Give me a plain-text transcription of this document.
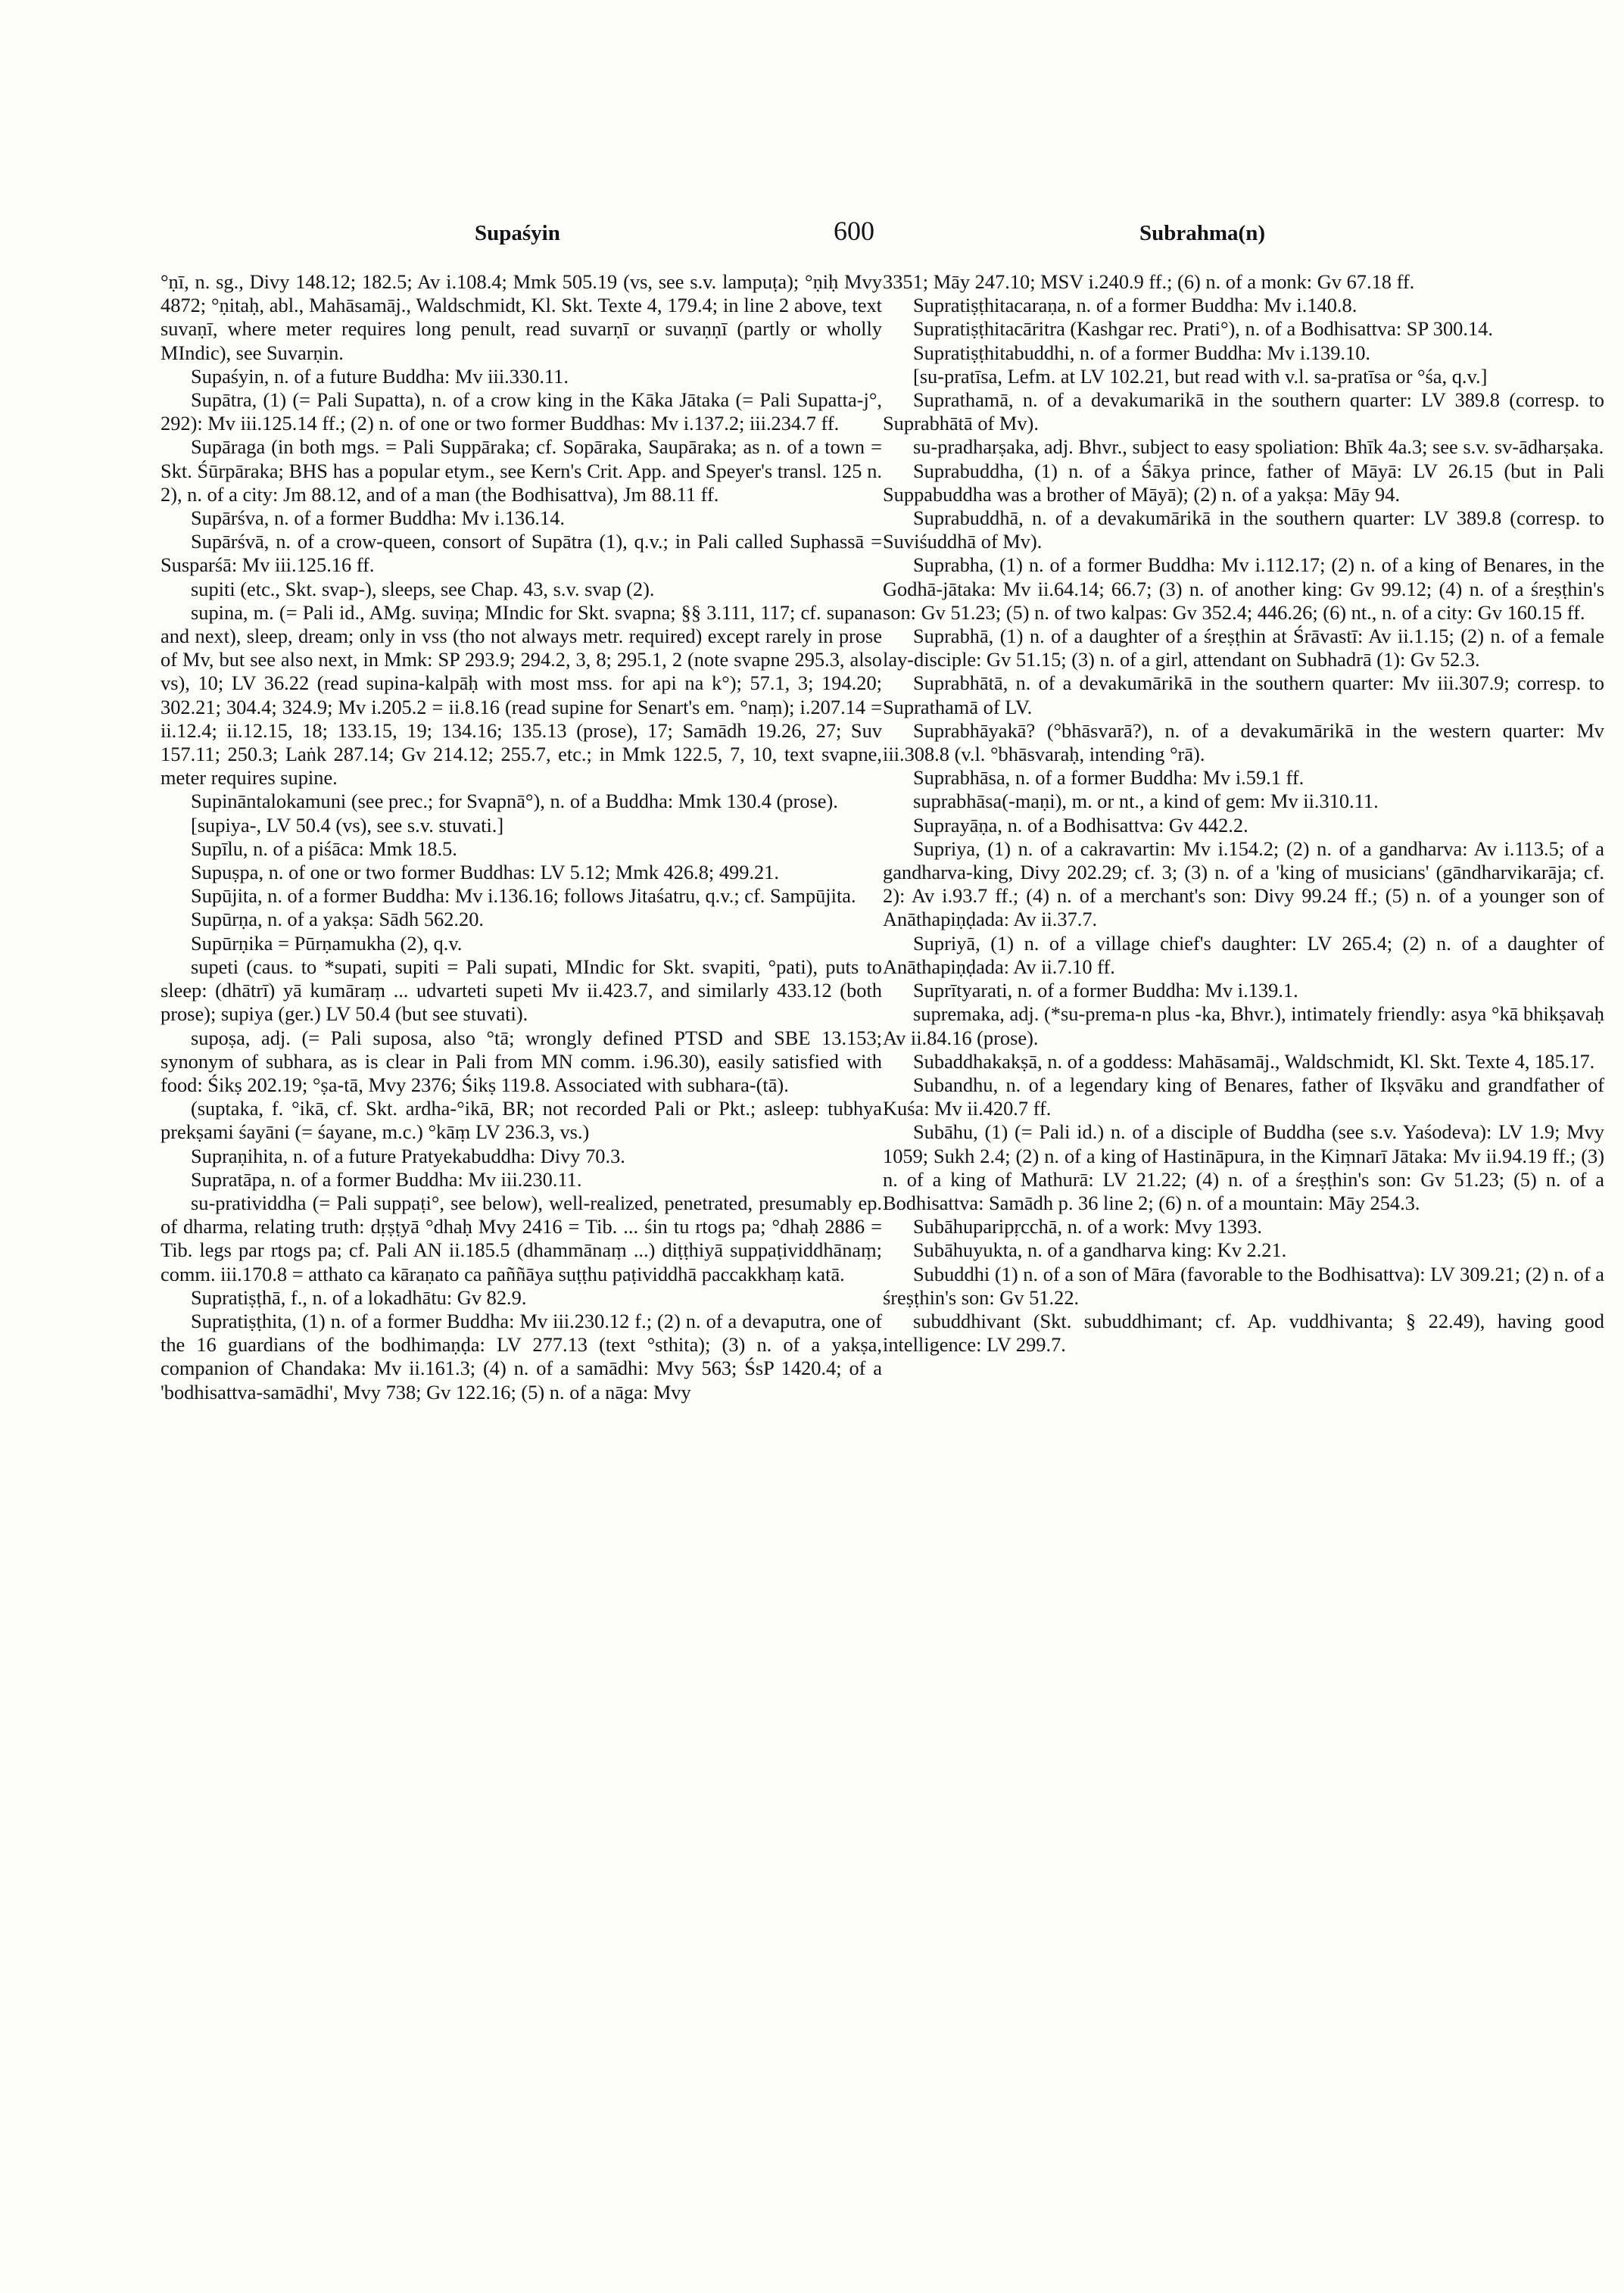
Supaśyin	600	Subrahma(n)

°ṇī, n. sg., Divy 148.12; 182.5; Av i.108.4; Mmk 505.19 (vs, see s.v. lampuṭa); °ṇiḥ Mvy 4872; °ṇitaḥ, abl., Mahāsamāj., Waldschmidt, Kl. Skt. Texte 4, 179.4; in line 2 above, text suvaṇī, where meter requires long penult, read suvarṇī or suvaṇṇī (partly or wholly MIndic), see Suvarṇin.

Supaśyin, n. of a future Buddha: Mv iii.330.11.

Supātra, (1) (= Pali Supatta), n. of a crow king in the Kāka Jātaka (= Pali Supatta-j°, 292): Mv iii.125.14 ff.; (2) n. of one or two former Buddhas: Mv i.137.2; iii.234.7 ff.

Supāraga (in both mgs. = Pali Suppāraka; cf. Sopāraka, Saupāraka; as n. of a town = Skt. Śūrpāraka; BHS has a popular etym., see Kern's Crit. App. and Speyer's transl. 125 n. 2), n. of a city: Jm 88.12, and of a man (the Bodhisattva), Jm 88.11 ff.

Supārśva, n. of a former Buddha: Mv i.136.14.

Supārśvā, n. of a crow-queen, consort of Supātra (1), q.v.; in Pali called Suphassā = Susparśā: Mv iii.125.16 ff.

supiti (etc., Skt. svap-), sleeps, see Chap. 43, s.v. svap (2).

supina, m. (= Pali id., AMg. suviṇa; MIndic for Skt. svapna; §§ 3.111, 117; cf. supana and next), sleep, dream; only in vss (tho not always metr. required) except rarely in prose of Mv, but see also next, in Mmk: SP 293.9; 294.2, 3, 8; 295.1, 2 (note svapne 295.3, also vs), 10; LV 36.22 (read supina-kalpāḥ with most mss. for api na k°); 57.1, 3; 194.20; 302.21; 304.4; 324.9; Mv i.205.2 = ii.8.16 (read supine for Senart's em. °naṃ); i.207.14 = ii.12.4; ii.12.15, 18; 133.15, 19; 134.16; 135.13 (prose), 17; Samādh 19.26, 27; Suv 157.11; 250.3; Laṅk 287.14; Gv 214.12; 255.7, etc.; in Mmk 122.5, 7, 10, text svapne, meter requires supine.

Supināntalokamuni (see prec.; for Svapnā°), n. of a Buddha: Mmk 130.4 (prose).

[supiya-, LV 50.4 (vs), see s.v. stuvati.]

Supīlu, n. of a piśāca: Mmk 18.5.

Supuṣpa, n. of one or two former Buddhas: LV 5.12; Mmk 426.8; 499.21.

Supūjita, n. of a former Buddha: Mv i.136.16; follows Jitaśatru, q.v.; cf. Sampūjita.

Supūrṇa, n. of a yakṣa: Sādh 562.20.

Supūrṇika = Pūrṇamukha (2), q.v.

supeti (caus. to *supati, supiti = Pali supati, MIndic for Skt. svapiti, °pati), puts to sleep: (dhātrī) yā kumāraṃ ... udvarteti supeti Mv ii.423.7, and similarly 433.12 (both prose); supiya (ger.) LV 50.4 (but see stuvati).

supoṣa, adj. (= Pali suposa, also °tā; wrongly defined PTSD and SBE 13.153; synonym of subhara, as is clear in Pali from MN comm. i.96.30), easily satisfied with food: Śikṣ 202.19; °ṣa-tā, Mvy 2376; Śikṣ 119.8. Associated with subhara-(tā).

(suptaka, f. °ikā, cf. Skt. ardha-°ikā, BR; not recorded Pali or Pkt.; asleep: tubhya prekṣami śayāni (= śayane, m.c.) °kāṃ LV 236.3, vs.)

Supraṇihita, n. of a future Pratyekabuddha: Divy 70.3.

Supratāpa, n. of a former Buddha: Mv iii.230.11.

su-pratividdha (= Pali suppaṭi°, see below), well-realized, penetrated, presumably ep. of dharma, relating truth: dṛṣṭyā °dhaḥ Mvy 2416 = Tib. ... śin tu rtogs pa; °dhaḥ 2886 = Tib. legs par rtogs pa; cf. Pali AN ii.185.5 (dhammānaṃ ...) diṭṭhiyā suppaṭividdhānaṃ; comm. iii.170.8 = atthato ca kāraṇato ca paññāya suṭṭhu paṭividdhā paccakkhaṃ katā.

Supratiṣṭhā, f., n. of a lokadhātu: Gv 82.9.

Supratiṣṭhita, (1) n. of a former Buddha: Mv iii.230.12 f.; (2) n. of a devaputra, one of the 16 guardians of the bodhimaṇḍa: LV 277.13 (text °sthita); (3) n. of a yakṣa, companion of Chandaka: Mv ii.161.3; (4) n. of a samādhi: Mvy 563; ŚsP 1420.4; of a 'bodhisattva-samādhi', Mvy 738; Gv 122.16; (5) n. of a nāga: Mvy

3351; Māy 247.10; MSV i.240.9 ff.; (6) n. of a monk: Gv 67.18 ff.

Supratiṣṭhitacaraṇa, n. of a former Buddha: Mv i.140.8.

Supratiṣṭhitacāritra (Kashgar rec. Prati°), n. of a Bodhisattva: SP 300.14.

Supratiṣṭhitabuddhi, n. of a former Buddha: Mv i.139.10.

[su-pratīsa, Lefm. at LV 102.21, but read with v.l. sa-pratīsa or °śa, q.v.]

Suprathamā, n. of a devakumarikā in the southern quarter: LV 389.8 (corresp. to Suprabhātā of Mv).

su-pradharṣaka, adj. Bhvr., subject to easy spoliation: Bhīk 4a.3; see s.v. sv-ādharṣaka.

Suprabuddha, (1) n. of a Śākya prince, father of Māyā: LV 26.15 (but in Pali Suppabuddha was a brother of Māyā); (2) n. of a yakṣa: Māy 94.

Suprabuddhā, n. of a devakumārikā in the southern quarter: LV 389.8 (corresp. to Suviśuddhā of Mv).

Suprabha, (1) n. of a former Buddha: Mv i.112.17; (2) n. of a king of Benares, in the Godhā-jātaka: Mv ii.64.14; 66.7; (3) n. of another king: Gv 99.12; (4) n. of a śreṣṭhin's son: Gv 51.23; (5) n. of two kalpas: Gv 352.4; 446.26; (6) nt., n. of a city: Gv 160.15 ff.

Suprabhā, (1) n. of a daughter of a śreṣṭhin at Śrāvastī: Av ii.1.15; (2) n. of a female lay-disciple: Gv 51.15; (3) n. of a girl, attendant on Subhadrā (1): Gv 52.3.

Suprabhātā, n. of a devakumārikā in the southern quarter: Mv iii.307.9; corresp. to Suprathamā of LV.

Suprabhāyakā? (°bhāsvarā?), n. of a devakumārikā in the western quarter: Mv iii.308.8 (v.l. °bhāsvaraḥ, intending °rā).

Suprabhāsa, n. of a former Buddha: Mv i.59.1 ff.

suprabhāsa(-maṇi), m. or nt., a kind of gem: Mv ii.310.11.

Suprayāṇa, n. of a Bodhisattva: Gv 442.2.

Supriya, (1) n. of a cakravartin: Mv i.154.2; (2) n. of a gandharva: Av i.113.5; of a gandharva-king, Divy 202.29; cf. 3; (3) n. of a 'king of musicians' (gāndharvikarāja; cf. 2): Av i.93.7 ff.; (4) n. of a merchant's son: Divy 99.24 ff.; (5) n. of a younger son of Anāthapiṇḍada: Av ii.37.7.

Supriyā, (1) n. of a village chief's daughter: LV 265.4; (2) n. of a daughter of Anāthapiṇḍada: Av ii.7.10 ff.

Suprītyarati, n. of a former Buddha: Mv i.139.1.

supremaka, adj. (*su-prema-n plus -ka, Bhvr.), intimately friendly: asya °kā bhikṣavaḥ Av ii.84.16 (prose).

Subaddhakakṣā, n. of a goddess: Mahāsamāj., Waldschmidt, Kl. Skt. Texte 4, 185.17.

Subandhu, n. of a legendary king of Benares, father of Ikṣvāku and grandfather of Kuśa: Mv ii.420.7 ff.

Subāhu, (1) (= Pali id.) n. of a disciple of Buddha (see s.v. Yaśodeva): LV 1.9; Mvy 1059; Sukh 2.4; (2) n. of a king of Hastināpura, in the Kiṃnarī Jātaka: Mv ii.94.19 ff.; (3) n. of a king of Mathurā: LV 21.22; (4) n. of a śreṣṭhin's son: Gv 51.23; (5) n. of a Bodhisattva: Samādh p. 36 line 2; (6) n. of a mountain: Māy 254.3.

Subāhuparipṛcchā, n. of a work: Mvy 1393.

Subāhuyukta, n. of a gandharva king: Kv 2.21.

Subuddhi (1) n. of a son of Māra (favorable to the Bodhisattva): LV 309.21; (2) n. of a śreṣṭhin's son: Gv 51.22.

subuddhivant (Skt. subuddhimant; cf. Ap. vuddhivanta; § 22.49), having good intelligence: LV 299.7.
